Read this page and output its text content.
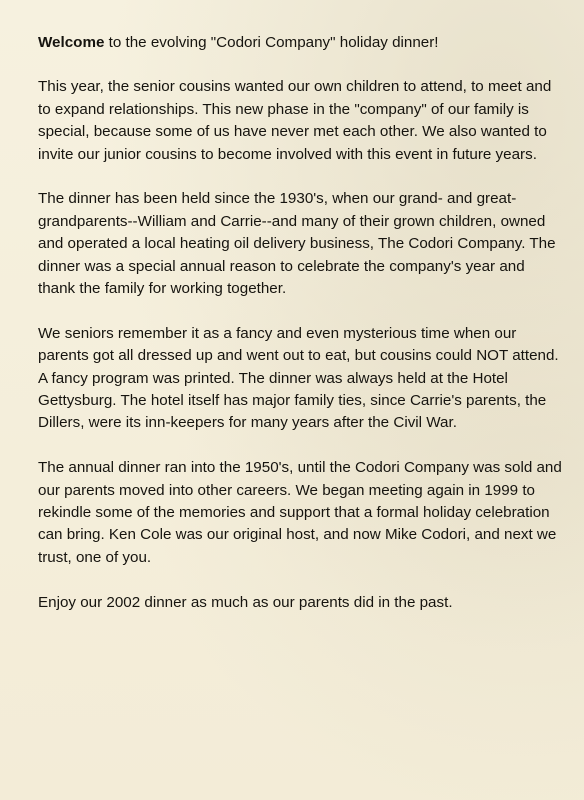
Welcome to the evolving "Codori Company" holiday dinner!

This year, the senior cousins wanted our own children to attend, to meet and to expand relationships. This new phase in the "company" of our family is special, because some of us have never met each other. We also wanted to invite our junior cousins to become involved with this event in future years.

The dinner has been held since the 1930's, when our grand- and great-grandparents--William and Carrie--and many of their grown children, owned and operated a local heating oil delivery business, The Codori Company. The dinner was a special annual reason to celebrate the company's year and thank the family for working together.

We seniors remember it as a fancy and even mysterious time when our parents got all dressed up and went out to eat, but cousins could NOT attend. A fancy program was printed. The dinner was always held at the Hotel Gettysburg. The hotel itself has major family ties, since Carrie's parents, the Dillers, were its inn-keepers for many years after the Civil War.

The annual dinner ran into the 1950's, until the Codori Company was sold and our parents moved into other careers. We began meeting again in 1999 to rekindle some of the memories and support that a formal holiday celebration can bring. Ken Cole was our original host, and now Mike Codori, and next we trust, one of you.

Enjoy our 2002 dinner as much as our parents did in the past.
